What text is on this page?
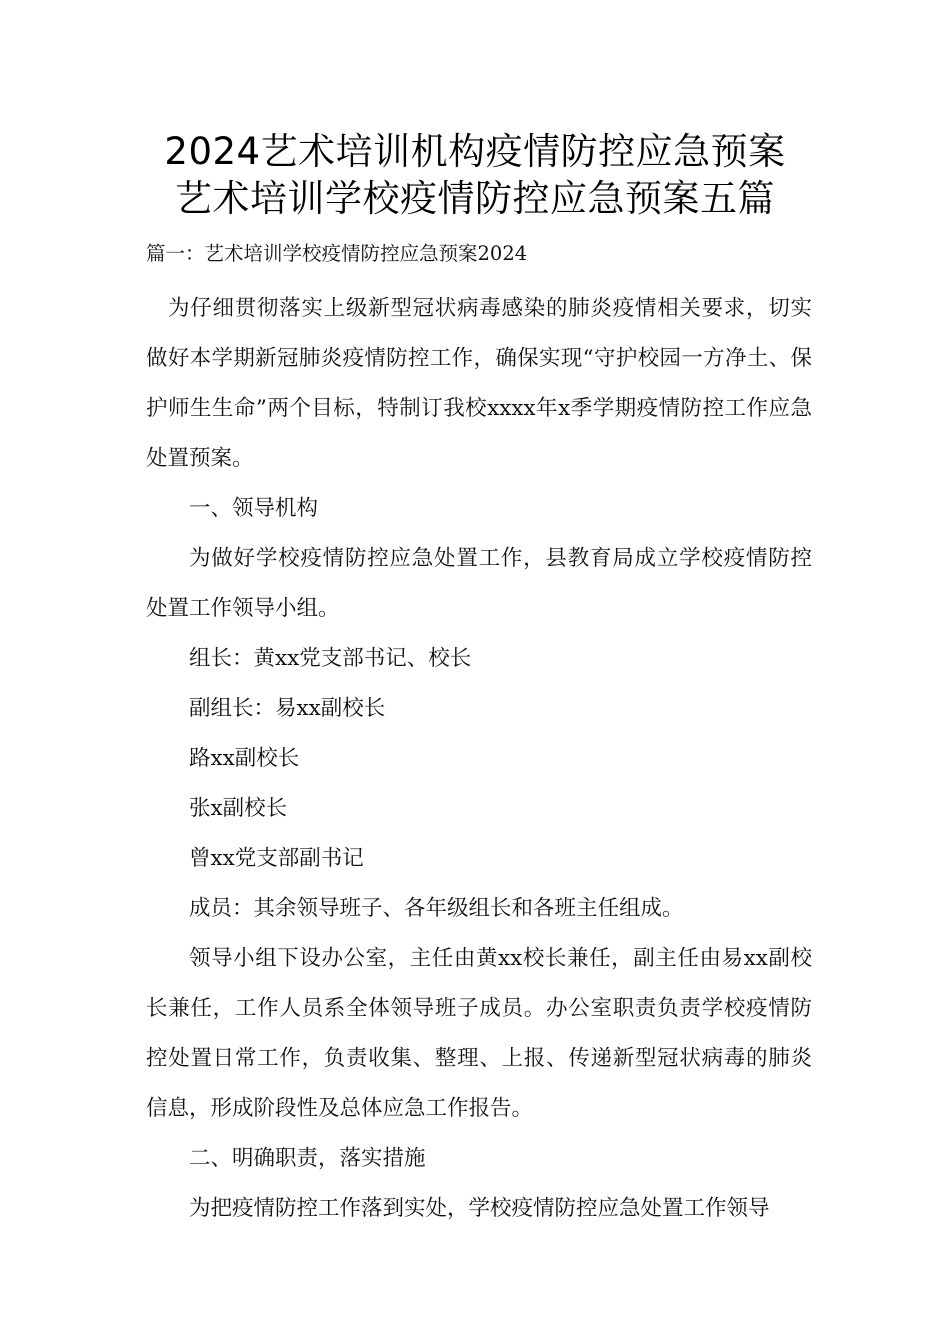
2024艺术培训机构疫情防控应急预案
艺术培训学校疫情防控应急预案五篇
篇一：艺术培训学校疫情防控应急预案2024

为仔细贯彻落实上级新型冠状病毒感染的肺炎疫情相关要求，切实做好本学期新冠肺炎疫情防控工作，确保实现“守护校园一方净土、保护师生生命”两个目标，特制订我校xxxx年x季学期疫情防控工作应急处置预案。

一、领导机构

为做好学校疫情防控应急处置工作，县教育局成立学校疫情防控处置工作领导小组。

组长：黄xx党支部书记、校长

副组长：易xx副校长

路xx副校长

张x副校长

曾xx党支部副书记

成员：其余领导班子、各年级组长和各班主任组成。

领导小组下设办公室，主任由黄xx校长兼任，副主任由易xx副校长兼任，工作人员系全体领导班子成员。办公室职责负责学校疫情防控处置日常工作，负责收集、整理、上报、传递新型冠状病毒的肺炎信息，形成阶段性及总体应急工作报告。

二、明确职责，落实措施

为把疫情防控工作落到实处，学校疫情防控应急处置工作领导
